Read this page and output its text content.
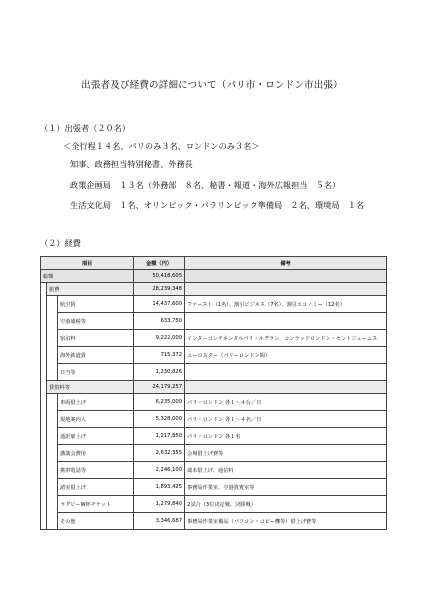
出張者及び経費の詳細について（パリ市・ロンドン市出張）
（１）出張者（２０名）
＜全行程１４名、パリのみ３名、ロンドンのみ３名＞
知事、政務担当特別秘書、外務長
政策企画局　１３名（外務部　８名、秘書・報道・海外広報担当　５名）
生活文化局　１名、オリンピック・パラリンピック準備局　２名、環境局　１名
（２）経費
項目			金額（円）	備考
総額			50,418,605	
	旅費		28,239,348	
		航空賃	14,437,600	ファースト（1名）、割引ビジネス（7名）、割引エコノミー（12名）
		空港諸税等	633,750	
		宿泊料	9,222,000	インターコンチネンタルパリ・ルグラン、コンラッドロンドン・セントジェームス
		海外鉄道賃	715,372	ユーロスター（パリーロンドン間）
		日当等	1,230,826	
	賃借料等		24,179,257	
		車両借上げ	6,235,000	パリ・ロンドン 各１～４台／日
		現地案内人	5,328,000	パリ・ロンドン 各１～４名／日
		通訳雇上げ	1,217,850	パリ・ロンドン 各１名
		講演会費用	2,632,355	会場借上げ費等
		携帯電話等	2,246,100	端末借上げ、通信料
		諸室借上げ	1,893,425	事務局作業室、空港貴賓室等
		ラグビーW杯チケット	1,279,840	2試合（3位決定戦、決勝戦）
		その他	3,346,687	事務局作業室備品（パソコン・コピー機等）借上げ費等
